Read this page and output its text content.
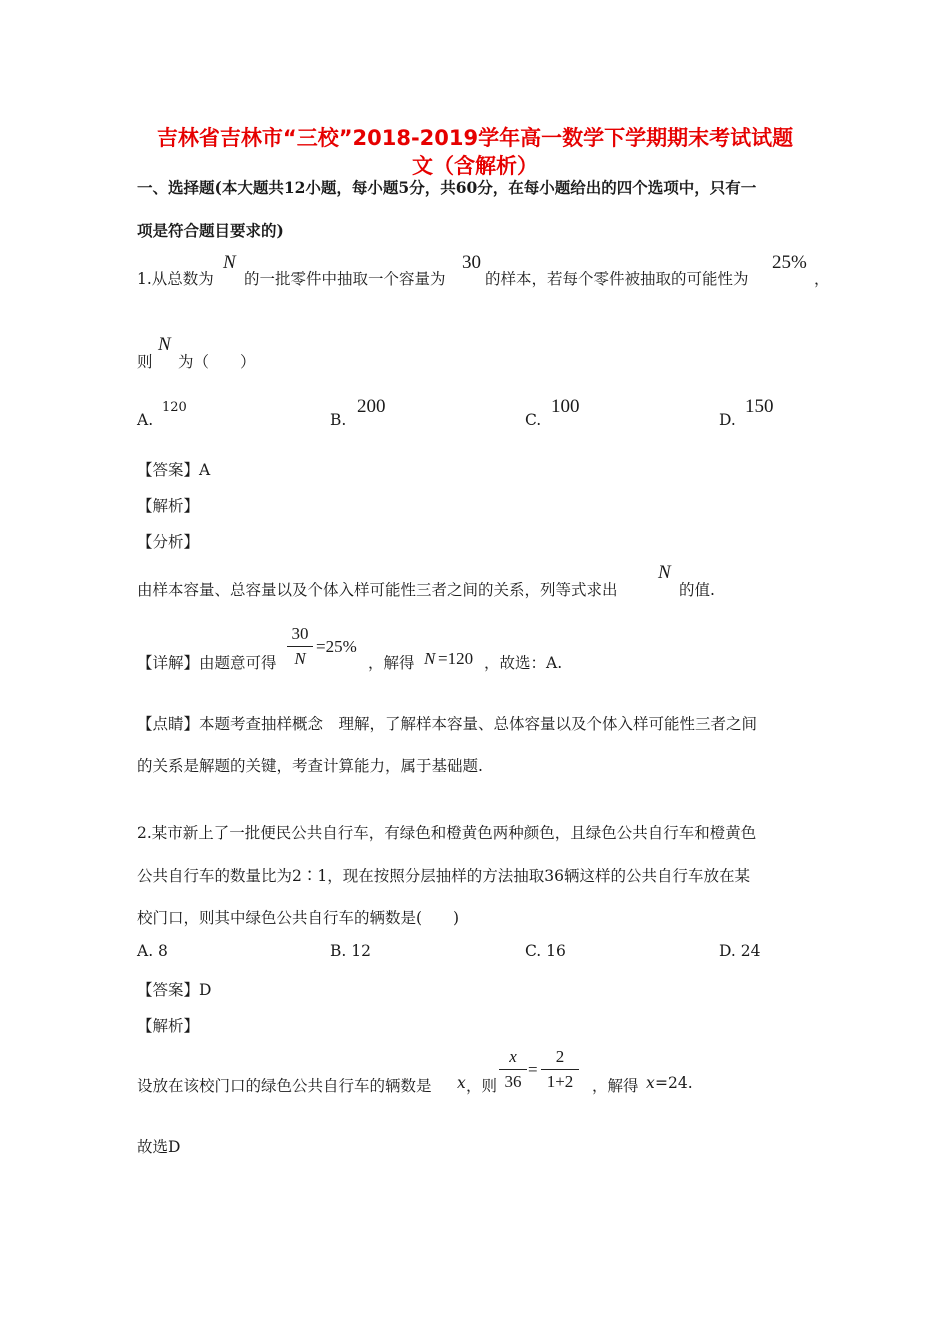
吉林省吉林市“三校”2018-2019学年高一数学下学期期末考试试题
文（含解析）
一、选择题(本大题共12小题，每小题5分，共60分，在每小题给出的四个选项中，只有一
项是符合题目要求的)
1.从总数为
N
的一批零件中抽取一个容量为
30
的样本，若每个零件被抽取的可能性为
25%
，
则
N
为（　　）
A.
120
B.
200
C.
100
D.
150
【答案】A
【解析】
【分析】
由样本容量、总容量以及个体入样可能性三者之间的关系，列等式求出
N
的值.
【详解】由题意可得
30
N
=25%
，解得 N =120 ，故选：A.
【点睛】本题考查抽样概念　理解，了解样本容量、总体容量以及个体入样可能性三者之间
的关系是解题的关键，考查计算能力，属于基础题.
2.某市新上了一批便民公共自行车，有绿色和橙黄色两种颜色，且绿色公共自行车和橙黄色
公共自行车的数量比为2∶1，现在按照分层抽样的方法抽取36辆这样的公共自行车放在某
校门口，则其中绿色公共自行车的辆数是(　　)
A. 8	B. 12	C. 16	D. 24
【答案】D
【解析】
设放在该校门口的绿色公共自行车的辆数是 x ，则
x
36
=
2
1+2	，解得 x =24.
故选D
